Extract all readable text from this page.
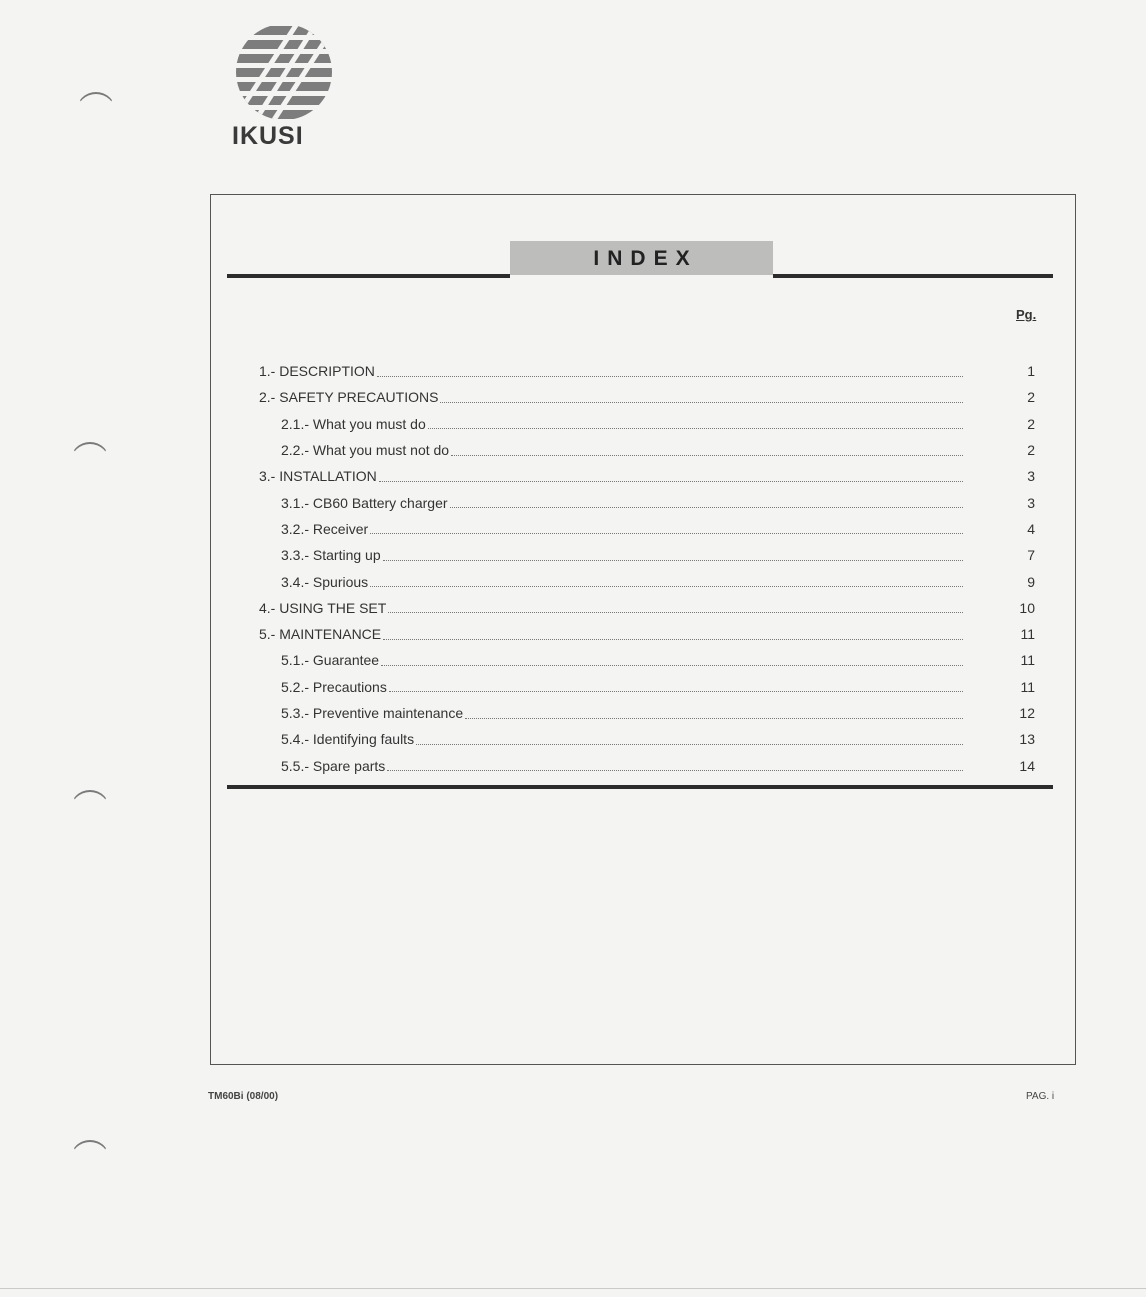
IKUSI
INDEX
Pg.
1.- DESCRIPTION	1
2.- SAFETY PRECAUTIONS	2
2.1.- What you must do	2
2.2.- What you must not do	2
3.- INSTALLATION	3
3.1.- CB60 Battery charger	3
3.2.- Receiver	4
3.3.- Starting up	7
3.4.- Spurious	9
4.- USING THE SET	10
5.- MAINTENANCE	11
5.1.- Guarantee	11
5.2.- Precautions	11
5.3.- Preventive maintenance	12
5.4.- Identifying faults	13
5.5.- Spare parts	14
TM60Bi (08/00)	PAG. i
